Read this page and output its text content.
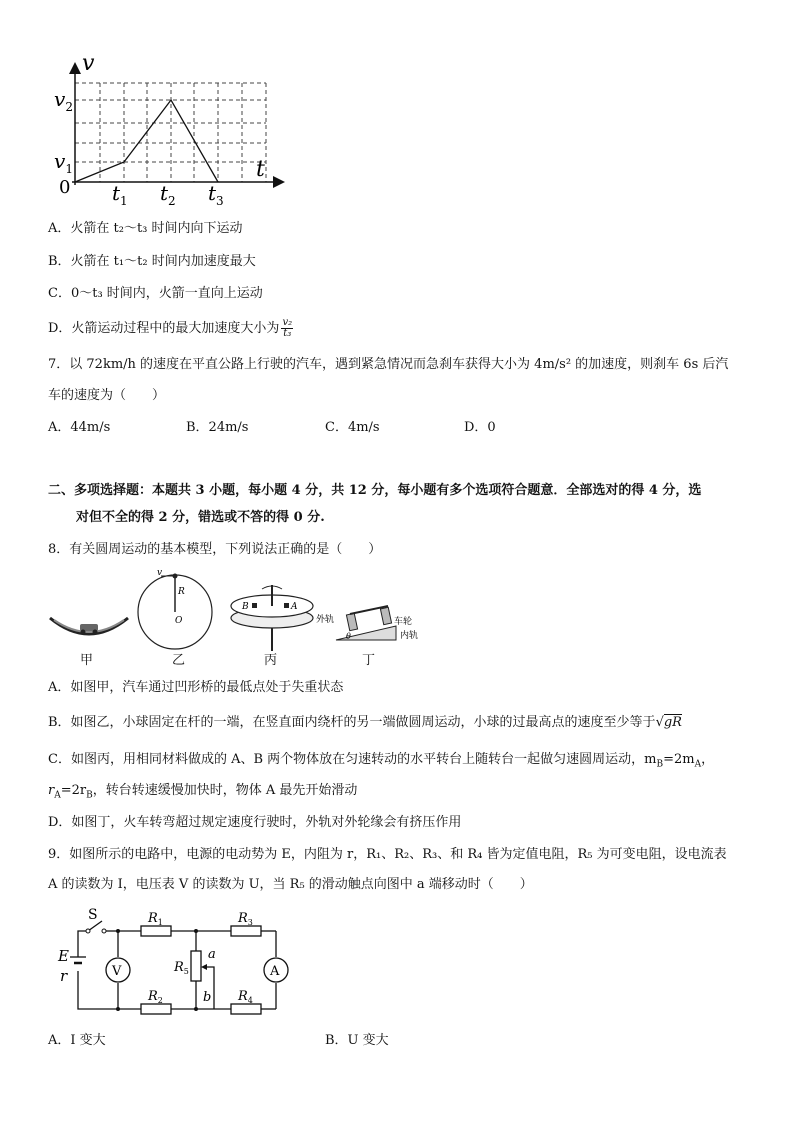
v
t
0
$v_2$
$v_1$
$t_1$ $t_2$ $t_3$
A．火箭在 t₂～t₃ 时间内向下运动
B．火箭在 t₁～t₂ 时间内加速度最大
C．0～t₃ 时间内，火箭一直向上运动
D．火箭运动过程中的最大加速度大小为 $\frac{\text{v₂}}{\text{t₃}}$
7．以 72km/h 的速度在平直公路上行驶的汽车，遇到紧急情况而急刹车获得大小为 4m/s² 的加速度，则刹车 6s 后汽
车的速度为（　　）
A．44m/s	B．24m/s	C．4m/s	D．0
二、多项选择题：本题共 3 小题，每小题 4 分，共 12 分，每小题有多个选项符合题意．全部选对的得 4 分，选
对但不全的得 2 分，错选或不答的得 0 分.
8．有关圆周运动的基本模型，下列说法正确的是（　　）
甲
v
R
O
乙
B	A
丙
外轨	车轮
内轨
θ
丁
A．如图甲，汽车通过凹形桥的最低点处于失重状态
B．如图乙，小球固定在杆的一端，在竖直面内绕杆的另一端做圆周运动，小球的过最高点的速度至少等于√gR
C．如图丙，用相同材料做成的 A、B 两个物体放在匀速转动的水平转台上随转台一起做匀速圆周运动，$m_B=2m_A$，
$r_A=2r_B$，转台转速缓慢加快时，物体 A 最先开始滑动
D．如图丁，火车转弯超过规定速度行驶时，外轨对外轮缘会有挤压作用
9．如图所示的电路中，电源的电动势为 E，内阻为 r，R₁、R₂、R₃、和 R₄ 皆为定值电阻，R₅ 为可变电阻，设电流表
A 的读数为 I，电压表 V 的读数为 U，当 R₅ 的滑动触点向图中 a 端移动时（　　）
V	A
S
E
r
$R_1$	$R_3$
$R_2$	$R_4$
$R_5$
a
b
A．I 变大	B．U 变大
